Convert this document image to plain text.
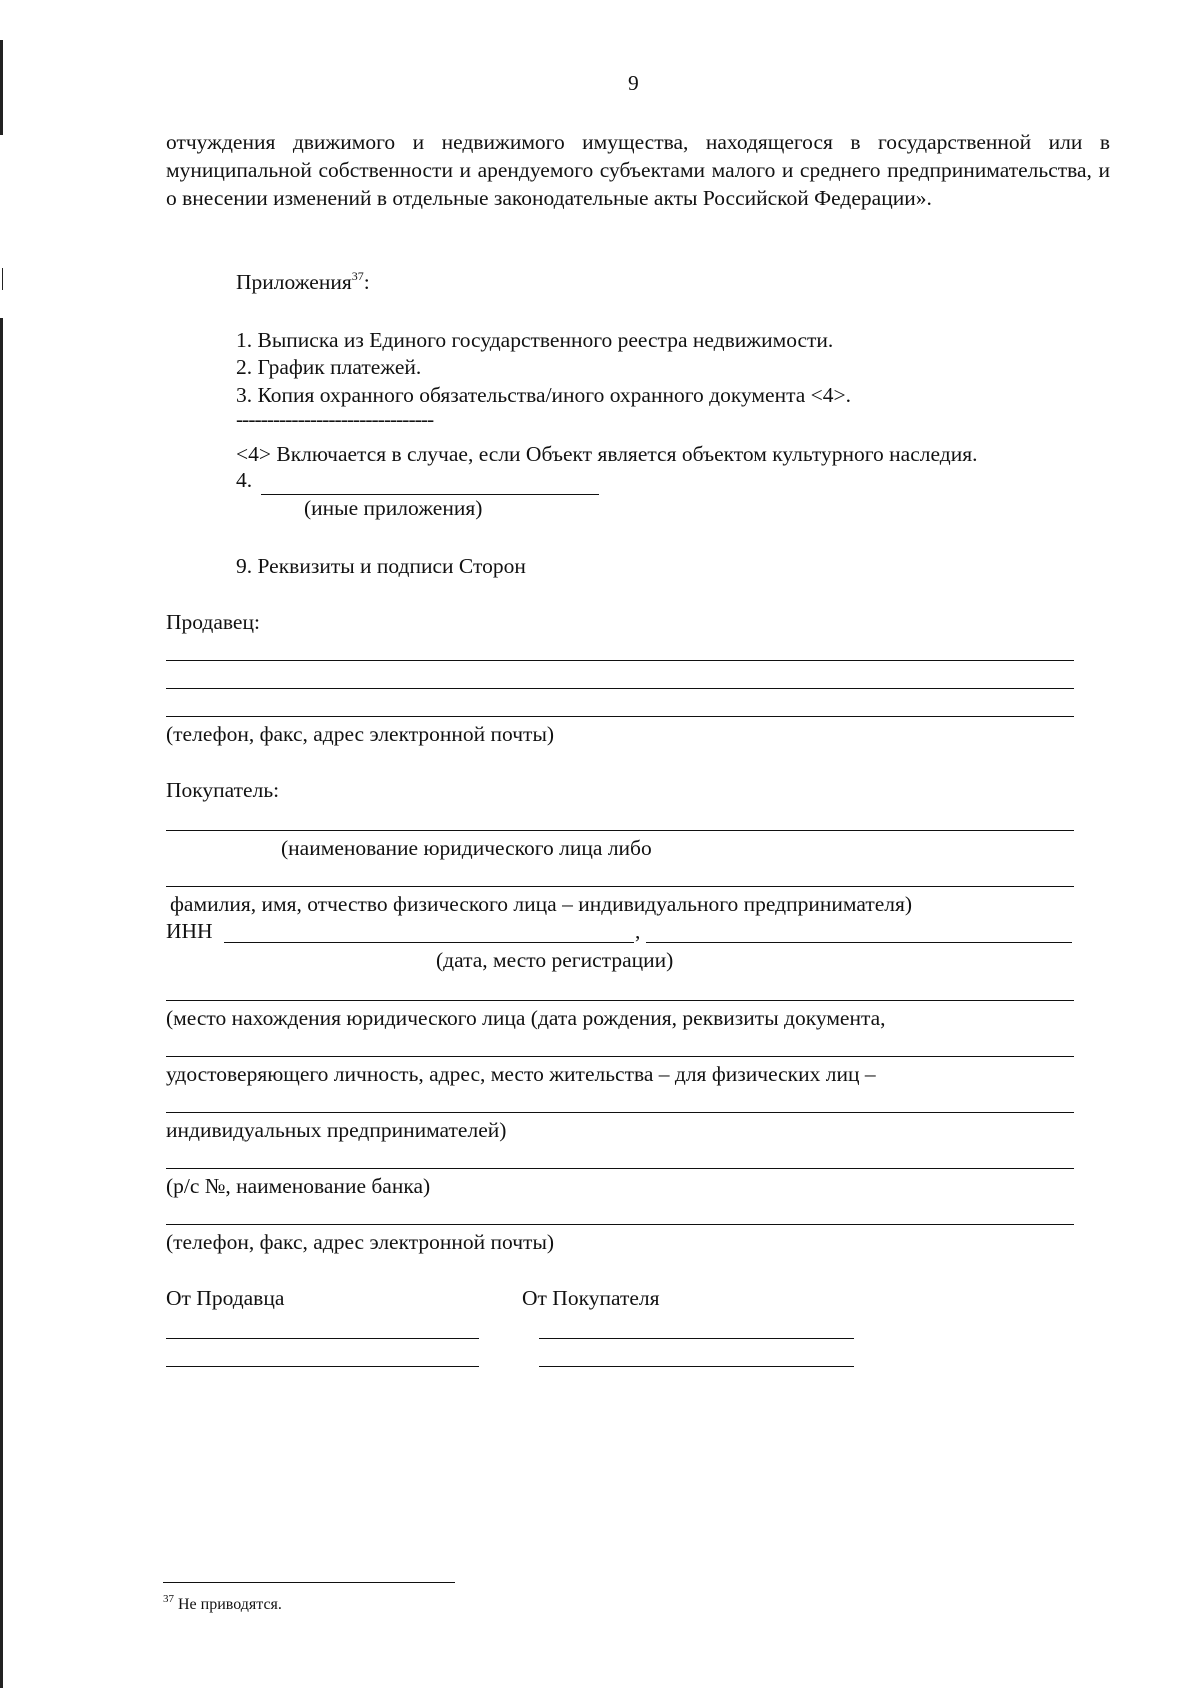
9
отчуждения движимого и недвижимого имущества, находящегося в государственной или в муниципальной собственности и арендуемого субъектами малого и среднего предпринимательства, и о внесении изменений в отдельные законодательные акты Российской Федерации».
Приложения$^{37}$:
1. Выписка из Единого государственного реестра недвижимости.
2. График платежей.
3. Копия охранного обязательства/иного охранного документа <4>.
--------------------------------
<4> Включается в случае, если Объект является объектом культурного наследия.
4.
(иные приложения)
9. Реквизиты и подписи Сторон
Продавец:
(телефон, факс, адрес электронной почты)
Покупатель:
(наименование юридического лица либо
фамилия, имя, отчество физического лица – индивидуального предпринимателя)
ИНН	,
(дата, место регистрации)
(место нахождения юридического лица (дата рождения, реквизиты документа,
удостоверяющего личность, адрес, место жительства – для физических лиц –
индивидуальных предпринимателей)
(р/с №, наименование банка)
(телефон, факс, адрес электронной почты)
От Продавца	От Покупателя
$^{37}$ Не приводятся.
